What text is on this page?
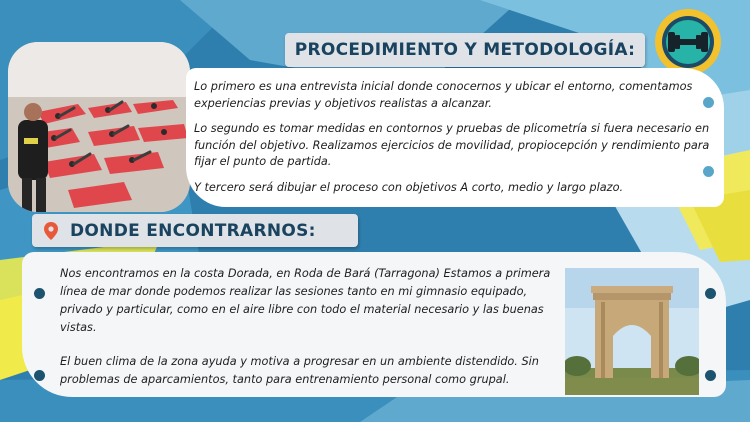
PROCEDIMIENTO Y METODOLOGÍA:

Lo primero es una entrevista inicial donde conocernos y ubicar el entorno, comentamos experiencias previas y objetivos realistas a alcanzar.

Lo segundo es tomar medidas en contornos y pruebas de plicometría si fuera necesario en función del objetivo. Realizamos ejercicios de movilidad, propiocepción y rendimiento para fijar el punto de partida.

Y tercero será dibujar el proceso con objetivos A corto, medio y largo plazo.

DONDE ENCONTRARNOS:

Nos encontramos en la costa Dorada, en Roda de Bará (Tarragona) Estamos a primera línea de mar donde podemos realizar las sesiones tanto en mi gimnasio equipado, privado y particular, como en el aire libre con todo el material necesario y las buenas vistas.

El buen clima de la zona ayuda y motiva a progresar en un ambiente distendido. Sin problemas de aparcamientos, tanto para entrenamiento personal como grupal.
